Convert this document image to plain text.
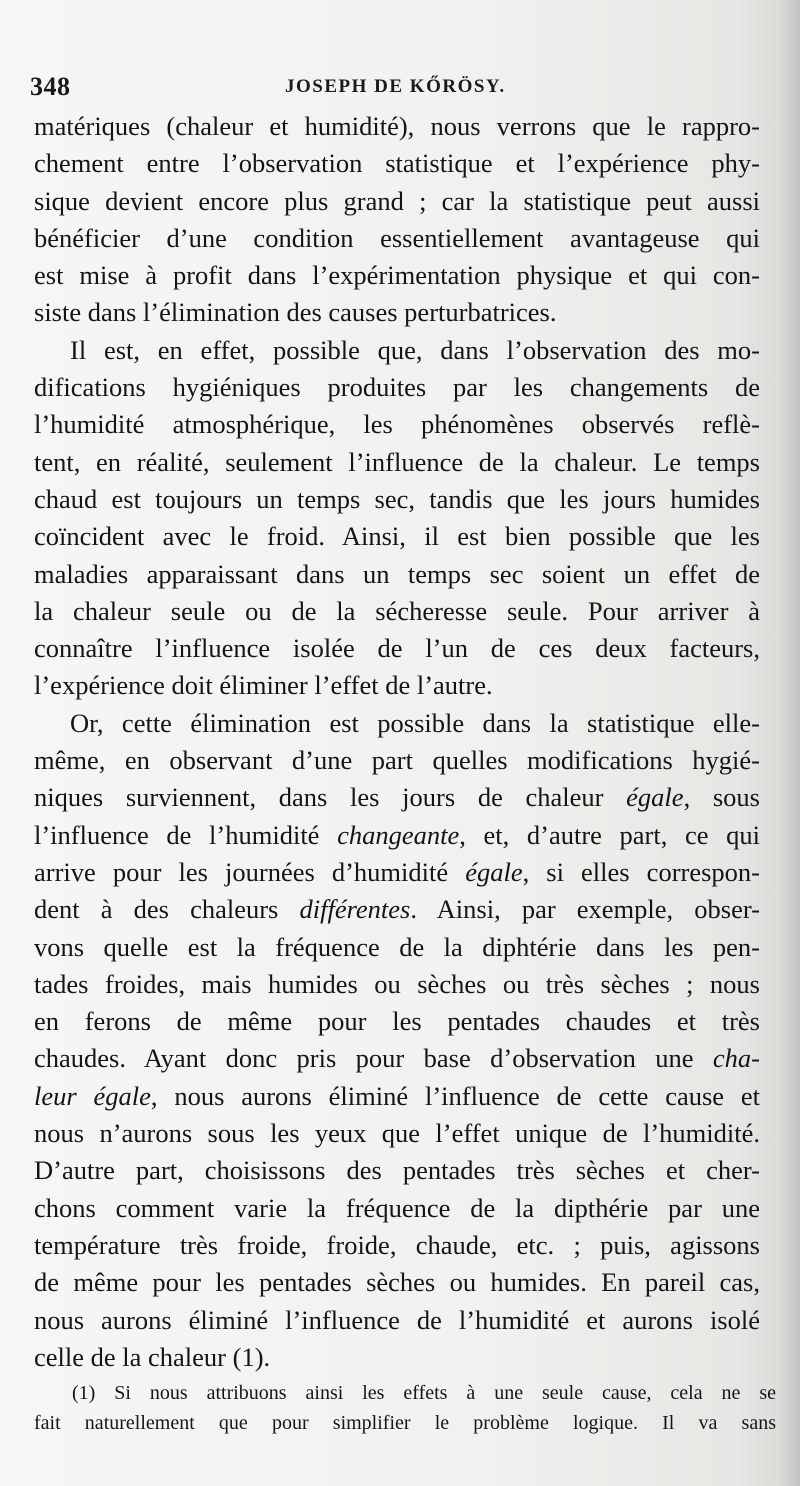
348	JOSEPH DE KŐRÖSY.
matériques (chaleur et humidité), nous verrons que le rappro-
chement entre l’observation statistique et l’expérience phy-
sique devient encore plus grand ; car la statistique peut aussi
bénéficier d’une condition essentiellement avantageuse qui
est mise à profit dans l’expérimentation physique et qui con-
siste dans l’élimination des causes perturbatrices.
Il est, en effet, possible que, dans l’observation des mo-
difications hygiéniques produites par les changements de
l’humidité atmosphérique, les phénomènes observés reflè-
tent, en réalité, seulement l’influence de la chaleur. Le temps
chaud est toujours un temps sec, tandis que les jours humides
coïncident avec le froid. Ainsi, il est bien possible que les
maladies apparaissant dans un temps sec soient un effet de
la chaleur seule ou de la sécheresse seule. Pour arriver à
connaître l’influence isolée de l’un de ces deux facteurs,
l’expérience doit éliminer l’effet de l’autre.
Or, cette élimination est possible dans la statistique elle-
même, en observant d’une part quelles modifications hygié-
niques surviennent, dans les jours de chaleur égale, sous
l’influence de l’humidité changeante, et, d’autre part, ce qui
arrive pour les journées d’humidité égale, si elles correspon-
dent à des chaleurs différentes. Ainsi, par exemple, obser-
vons quelle est la fréquence de la diphtérie dans les pen-
tades froides, mais humides ou sèches ou très sèches ; nous
en ferons de même pour les pentades chaudes et très
chaudes. Ayant donc pris pour base d’observation une cha-
leur égale, nous aurons éliminé l’influence de cette cause et
nous n’aurons sous les yeux que l’effet unique de l’humidité.
D’autre part, choisissons des pentades très sèches et cher-
chons comment varie la fréquence de la dipthérie par une
température très froide, froide, chaude, etc. ; puis, agissons
de même pour les pentades sèches ou humides. En pareil cas,
nous aurons éliminé l’influence de l’humidité et aurons isolé
celle de la chaleur (1).
(1) Si nous attribuons ainsi les effets à une seule cause, cela ne se
fait naturellement que pour simplifier le problème logique. Il va sans
